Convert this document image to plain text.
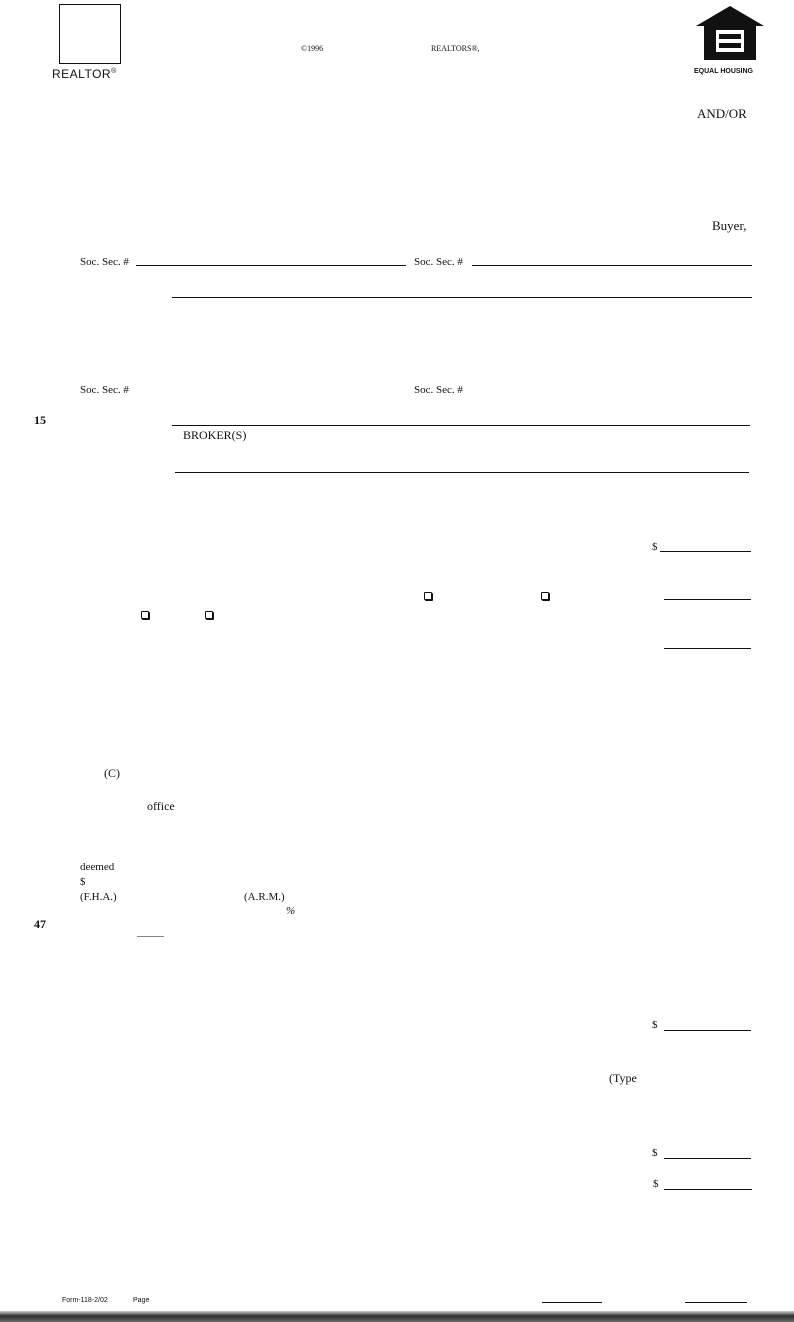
REALTOR®
©1996	REALTORS®,
EQUAL HOUSING
AND/OR
Buyer,
Soc. Sec. #	Soc. Sec. #
Soc. Sec. #	Soc. Sec. #
15
BROKER(S)
$
(C)
office
deemed
$
(F.H.A.)	(A.R.M.)
%
47
$
(Type
$
$
Form-118-2/02	Page
